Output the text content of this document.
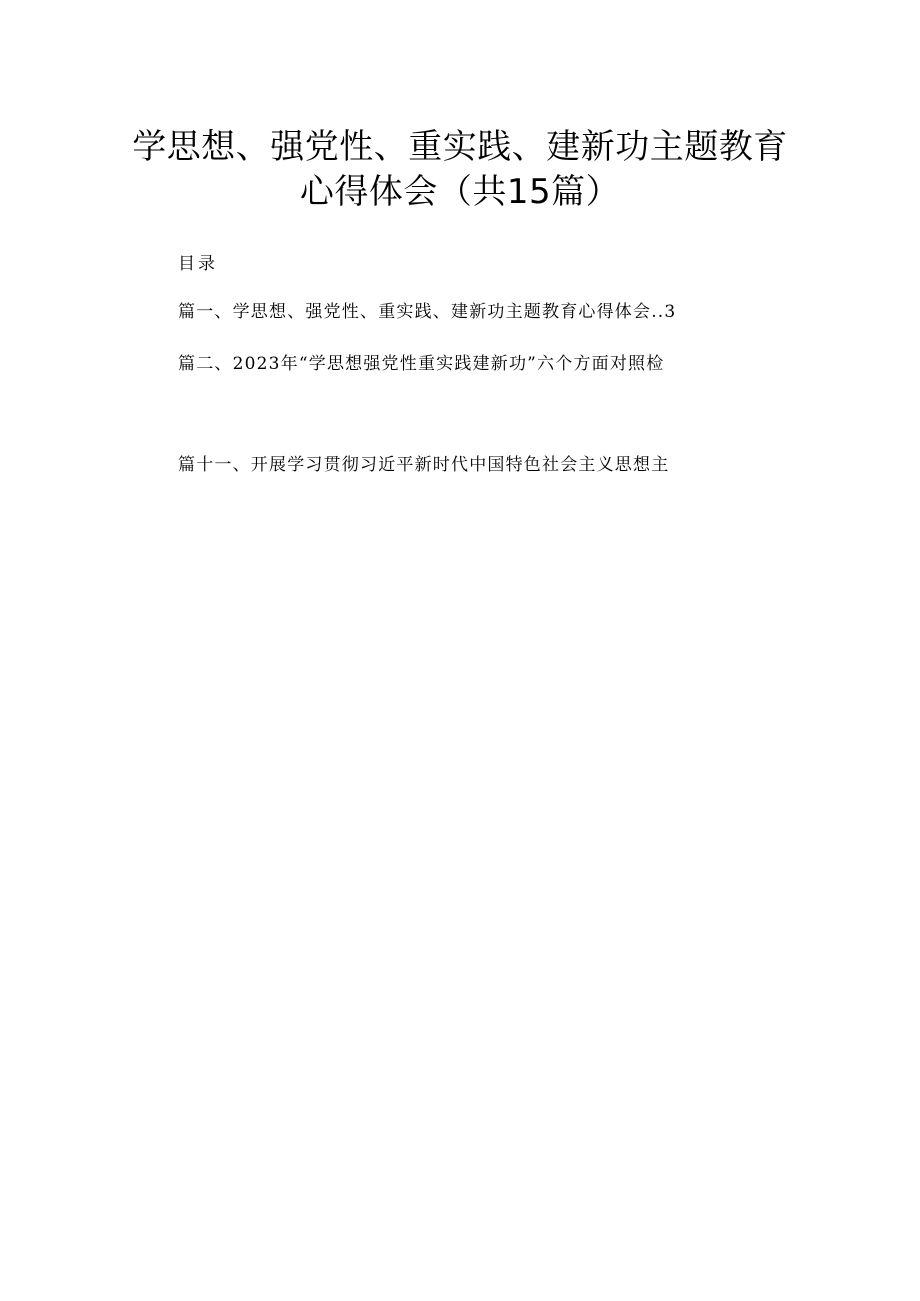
学思想、强党性、重实践、建新功主题教育
心得体会（共15篇）
目录
篇一、学思想、强党性、重实践、建新功主题教育心得体会..3
篇二、2023年“学思想强党性重实践建新功”六个方面对照检
篇十一、开展学习贯彻习近平新时代中国特色社会主义思想主
